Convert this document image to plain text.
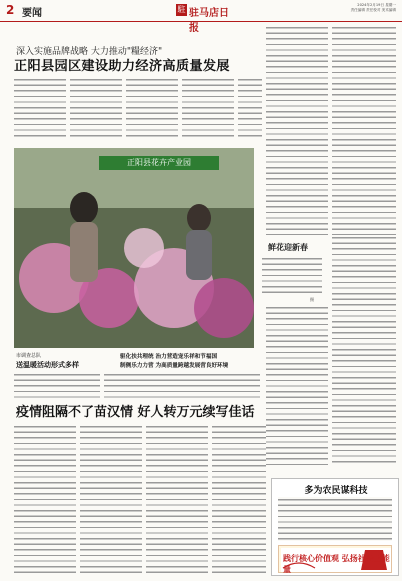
2 要闻	駐 驻马店日报
2024年2月19日 星期一
责任编辑 责任校对 美术编辑
深入实施品牌战略 大力推动"糧经济"
正阳县园区建设助力经济高质量发展
正阳县花卉产业园
鲜花迎新春
摄
市调查总队
送温暖活动形式多样
驱化扶共理统 治力营造宠乐祥和节福国
制侧乐力力营 为高质量跨越发展营良好环境
疫情阻隔不了苗汉情 好人转万元续写佳话
多为农民谋科技
践行核心价值观 弘扬社会正能量
